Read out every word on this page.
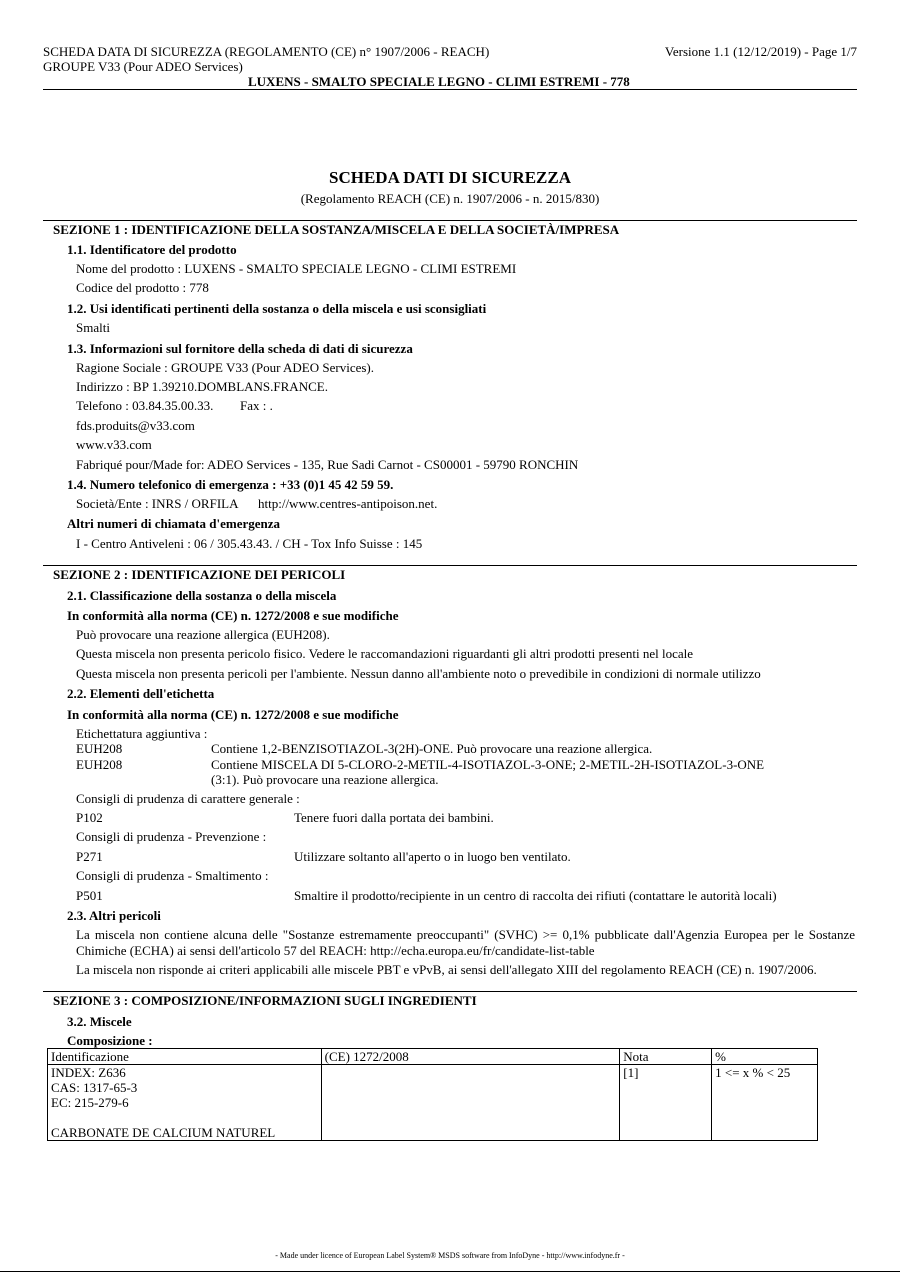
SCHEDA DATA DI SICUREZZA (REGOLAMENTO (CE) n° 1907/2006 - REACH)
GROUPE V33 (Pour ADEO Services)
Versione 1.1 (12/12/2019) - Page 1/7
LUXENS - SMALTO SPECIALE LEGNO - CLIMI ESTREMI - 778
SCHEDA DATI DI SICUREZZA
(Regolamento REACH (CE) n. 1907/2006 - n. 2015/830)
SEZIONE 1 : IDENTIFICAZIONE DELLA SOSTANZA/MISCELA E DELLA SOCIETÀ/IMPRESA
1.1. Identificatore del prodotto
Nome del prodotto : LUXENS - SMALTO SPECIALE LEGNO - CLIMI ESTREMI
Codice del prodotto : 778
1.2. Usi identificati pertinenti della sostanza o della miscela e usi sconsigliati
Smalti
1.3. Informazioni sul fornitore della scheda di dati di sicurezza
Ragione Sociale : GROUPE V33 (Pour ADEO Services).
Indirizzo : BP 1.39210.DOMBLANS.FRANCE.
Telefono : 03.84.35.00.33. Fax : .
fds.produits@v33.com
www.v33.com
Fabriqué pour/Made for: ADEO Services - 135, Rue Sadi Carnot - CS00001 - 59790 RONCHIN
1.4. Numero telefonico di emergenza : +33 (0)1 45 42 59 59.
Società/Ente : INRS / ORFILA http://www.centres-antipoison.net.
Altri numeri di chiamata d'emergenza
I - Centro Antiveleni : 06 / 305.43.43. / CH - Tox Info Suisse : 145
SEZIONE 2 : IDENTIFICAZIONE DEI PERICOLI
2.1. Classificazione della sostanza o della miscela
In conformità alla norma (CE) n. 1272/2008 e sue modifiche
Può provocare una reazione allergica (EUH208).
Questa miscela non presenta pericolo fisico. Vedere le raccomandazioni riguardanti gli altri prodotti presenti nel locale
Questa miscela non presenta pericoli per l'ambiente. Nessun danno all'ambiente noto o prevedibile in condizioni di normale utilizzo
2.2. Elementi dell'etichetta
In conformità alla norma (CE) n. 1272/2008 e sue modifiche
Etichettatura aggiuntiva :
EUH208	Contiene 1,2-BENZISOTIAZOL-3(2H)-ONE. Può provocare una reazione allergica.
EUH208	Contiene MISCELA DI 5-CLORO-2-METIL-4-ISOTIAZOL-3-ONE; 2-METIL-2H-ISOTIAZOL-3-ONE
(3:1). Può provocare una reazione allergica.
Consigli di prudenza di carattere generale :
P102	Tenere fuori dalla portata dei bambini.
Consigli di prudenza - Prevenzione :
P271	Utilizzare soltanto all'aperto o in luogo ben ventilato.
Consigli di prudenza - Smaltimento :
P501	Smaltire il prodotto/recipiente in un centro di raccolta dei rifiuti (contattare le autorità locali)
2.3. Altri pericoli
La miscela non contiene alcuna delle "Sostanze estremamente preoccupanti" (SVHC) >= 0,1% pubblicate dall'Agenzia Europea per le Sostanze Chimiche (ECHA) ai sensi dell'articolo 57 del REACH: http://echa.europa.eu/fr/candidate-list-table
La miscela non risponde ai criteri applicabili alle miscele PBT e vPvB, ai sensi dell'allegato XIII del regolamento REACH (CE) n. 1907/2006.
SEZIONE 3 : COMPOSIZIONE/INFORMAZIONI SUGLI INGREDIENTI
3.2. Miscele
Composizione :
Identificazione	(CE) 1272/2008	Nota	%

INDEX: Z636
CAS: 1317-65-3
EC: 215-279-6
CARBONATE DE CALCIUM NATUREL		[1]	1 <= x % < 25
- Made under licence of European Label System® MSDS software from InfoDyne - http://www.infodyne.fr -
